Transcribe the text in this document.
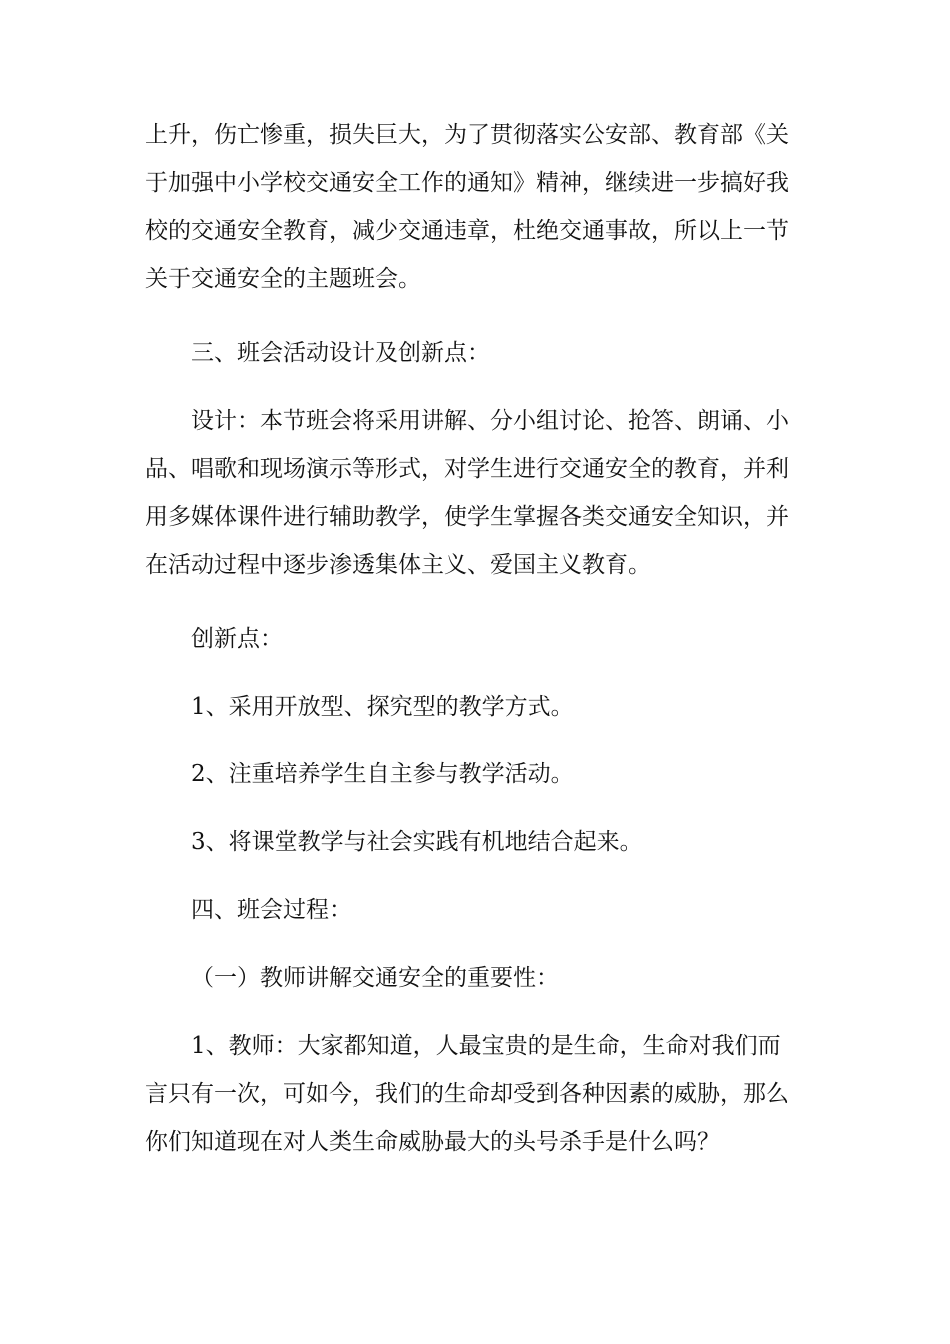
上升，伤亡惨重，损失巨大，为了贯彻落实公安部、教育部《关
于加强中小学校交通安全工作的通知》精神，继续进一步搞好我
校的交通安全教育，减少交通违章，杜绝交通事故，所以上一节
关于交通安全的主题班会。

三、班会活动设计及创新点：

设计：本节班会将采用讲解、分小组讨论、抢答、朗诵、小
品、唱歌和现场演示等形式，对学生进行交通安全的教育，并利
用多媒体课件进行辅助教学，使学生掌握各类交通安全知识，并
在活动过程中逐步渗透集体主义、爱国主义教育。

创新点：

1、采用开放型、探究型的教学方式。

2、注重培养学生自主参与教学活动。

3、将课堂教学与社会实践有机地结合起来。

四、班会过程：

（一）教师讲解交通安全的重要性：

1、教师：大家都知道，人最宝贵的是生命，生命对我们而
言只有一次，可如今，我们的生命却受到各种因素的威胁，那么
你们知道现在对人类生命威胁最大的头号杀手是什么吗？
